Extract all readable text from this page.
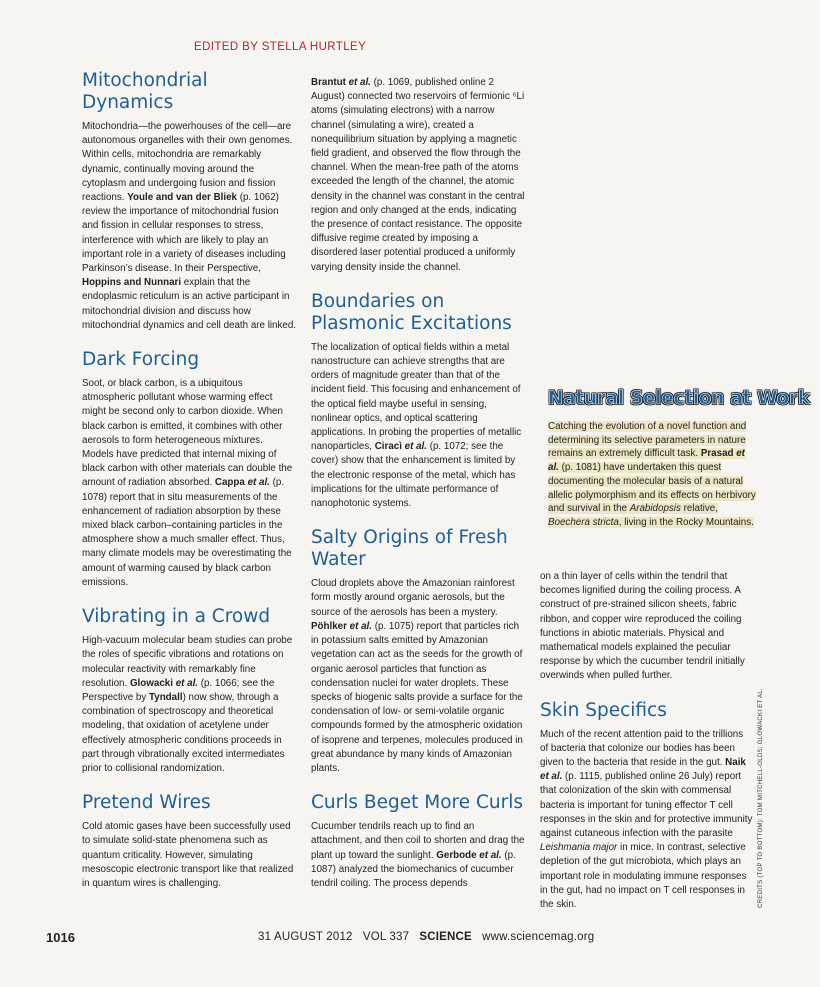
EDITED BY STELLA HURTLEY
Mitochondrial Dynamics

Mitochondria—the powerhouses of the cell—are autonomous organelles with their own genomes. Within cells, mitochondria are remarkably dynamic, continually moving around the cytoplasm and undergoing fusion and fission reactions. Youle and van der Bliek (p. 1062) review the importance of mitochondrial fusion and fission in cellular responses to stress, interference with which are likely to play an important role in a variety of diseases including Parkinson’s disease. In their Perspective, Hoppins and Nunnari explain that the endoplasmic reticulum is an active participant in mitochondrial division and discuss how mitochondrial dynamics and cell death are linked.

Dark Forcing

Soot, or black carbon, is a ubiquitous atmospheric pollutant whose warming effect might be second only to carbon dioxide. When black carbon is emitted, it combines with other aerosols to form heterogeneous mixtures. Models have predicted that internal mixing of black carbon with other materials can double the amount of radiation absorbed. Cappa et al. (p. 1078) report that in situ measurements of the enhancement of radiation absorption by these mixed black carbon–containing particles in the atmosphere show a much smaller effect. Thus, many climate models may be overestimating the amount of warming caused by black carbon emissions.

Vibrating in a Crowd

High-vacuum molecular beam studies can probe the roles of specific vibrations and rotations on molecular reactivity with remarkably fine resolution. Glowacki et al. (p. 1066; see the Perspective by Tyndall) now show, through a combination of spectroscopy and theoretical modeling, that oxidation of acetylene under effectively atmospheric conditions proceeds in part through vibrationally excited intermediates prior to collisional randomization.

Pretend Wires

Cold atomic gases have been successfully used to simulate solid-state phenomena such as quantum criticality. However, simulating mesoscopic electronic transport like that realized in quantum wires is challenging.

Brantut et al. (p. 1069, published online 2 August) connected two reservoirs of fermionic ⁶Li atoms (simulating electrons) with a narrow channel (simulating a wire), created a nonequilibrium situation by applying a magnetic field gradient, and observed the flow through the channel. When the mean-free path of the atoms exceeded the length of the channel, the atomic density in the channel was constant in the central region and only changed at the ends, indicating the presence of contact resistance. The opposite diffusive regime created by imposing a disordered laser potential produced a uniformly varying density inside the channel.

Boundaries on Plasmonic Excitations

The localization of optical fields within a metal nanostructure can achieve strengths that are orders of magnitude greater than that of the incident field. This focusing and enhancement of the optical field maybe useful in sensing, nonlinear optics, and optical scattering applications. In probing the properties of metallic nanoparticles, Ciracì et al. (p. 1072; see the cover) show that the enhancement is limited by the electronic response of the metal, which has implications for the ultimate performance of nanophotonic systems.

Salty Origins of Fresh Water

Cloud droplets above the Amazonian rainforest form mostly around organic aerosols, but the source of the aerosols has been a mystery. Pöhlker et al. (p. 1075) report that particles rich in potassium salts emitted by Amazonian vegetation can act as the seeds for the growth of organic aerosol particles that function as condensation nuclei for water droplets. These specks of biogenic salts provide a surface for the condensation of low- or semi-volatile organic compounds formed by the atmospheric oxidation of isoprene and terpenes, molecules produced in great abundance by many kinds of Amazonian plants.

Curls Beget More Curls

Cucumber tendrils reach up to find an attachment, and then coil to shorten and drag the plant up toward the sunlight. Gerbode et al. (p. 1087) analyzed the biomechanics of cucumber tendril coiling. The process depends

Natural Selection at Work
Catching the evolution of a novel function and determining its selective parameters in nature remains an extremely difficult task. Prasad et al. (p. 1081) have undertaken this quest documenting the molecular basis of a natural allelic polymorphism and its effects on herbivory and survival in the Arabidopsis relative, Boechera stricta, living in the Rocky Mountains.

on a thin layer of cells within the tendril that becomes lignified during the coiling process. A construct of pre-strained silicon sheets, fabric ribbon, and copper wire reproduced the coiling functions in abiotic materials. Physical and mathematical models explained the peculiar response by which the cucumber tendril initially overwinds when pulled further.

Skin Specifics

Much of the recent attention paid to the trillions of bacteria that colonize our bodies has been given to the bacteria that reside in the gut. Naik et al. (p. 1115, published online 26 July) report that colonization of the skin with commensal bacteria is important for tuning effector T cell responses in the skin and for protective immunity against cutaneous infection with the parasite Leishmania major in mice. In contrast, selective depletion of the gut microbiota, which plays an important role in modulating immune responses in the gut, had no impact on T cell responses in the skin.	CREDITS (TOP TO BOTTOM): TOM MITCHELL-OLDS; GLOWACKI ET AL.
1016	31 AUGUST 2012 VOL 337 SCIENCE www.sciencemag.org
